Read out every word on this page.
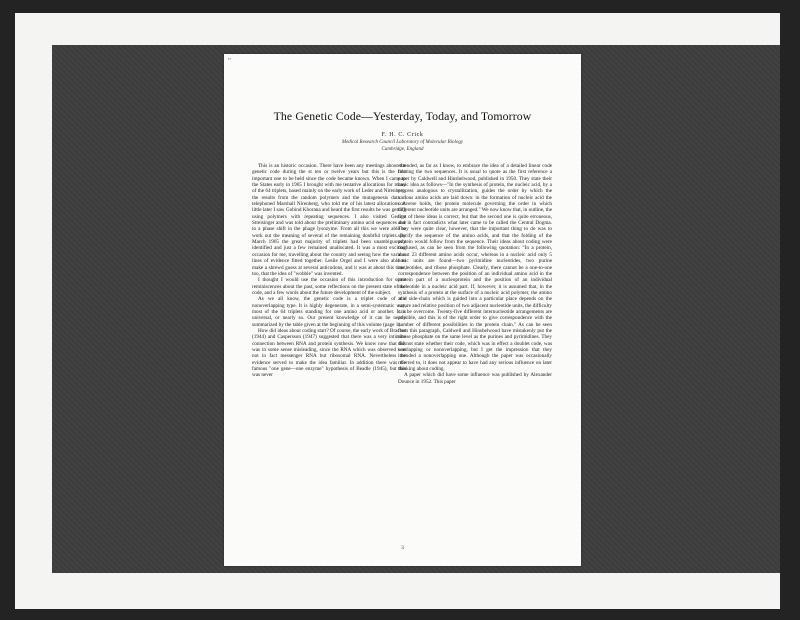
"
The Genetic Code—Yesterday, Today, and Tomorrow
F. H. C. Crick
Medical Research Council Laboratory of Molecular Biology
Cambridge, England

This is an historic occasion. There have been any meetings about the genetic code during the st ten or twelve years but this is the first important one to be held since the code became known. When I came to the States early in 1965 I brought with me tentative allocations for many of the 64 triplets, based mainly on the early work of Leder and Nirenberg, the results from the random polymers and the mutagenesis data. I telephoned Marshall Nirenberg, who told me of his latest allocations. A little later I saw Gobind Khorana and heard the first results he was getting using polymers with repeating sequences. I also visited George Streisinger and was told about the preliminary amino acid sequences due to a phase shift in the phage lysozyme. From all this we were able to work out the meaning of several of the remaining doubtful triplets. By March 1965 the great majority of triplets had been unambiguously identified and just a few remained unallocated. It was a most exciting occasion for me, travelling about the country and seeing how the various lines of evidence fitted together. Leslie Orgel and I were also able to make a shrewd guess at several anticodons, and it was at about this time, too, that the idea of "wobble" was invented.

I thought I would use the occasion of this introduction for some reminiscences about the past, some reflections on the present state of the code, and a few words about the future development of the subject.

As we all know, the genetic code is a triplet code of the nonoverlapping type. It is highly degenerate, in a semi-systematic way, most of the 64 triplets standing for one amino acid or another. It is universal, or nearly so. Our present knowledge of it can be neatly summarized by the table given at the beginning of this volume (page 1).

How did ideas about coding start? Of course, the early work of Brachet (1944) and Caspersson (1947) suggested that there was a very intimate connection between RNA and protein synthesis. We know now that this was in some sense misleading, since the RNA which was observed was not in fact messenger RNA but ribosomal RNA. Nevertheless the evidence served to make the idea familiar. In addition there was the famous "one gene—one enzyme" hypothesis of Beadle (1945), but this was never

extended, as far as I know, to embrace the idea of a detailed linear code relating the two sequences. It is usual to quote as the first reference a paper by Caldwell and Hinshelwood, published in 1950. They state their basic idea as follows—"In the synthesis of protein, the nucleic acid, by a process analogous to crystallization, guides the order by which the various amino acids are laid down: in the formation of nucleic acid the converse holds, the protein molecule governing the order in which different nucleotide units are arranged." We now know that, in outline, the first of these ideas is correct, but that the second one is quite erroneous, and in fact contradicts what later came to be called the Central Dogma. They were quite clear, however, that the important thing to do was to specify the sequence of the amino acids, and that the folding of the protein would follow from the sequence. Their ideas about coding were confused, as can be seen from the following quotation: "In a protein, about 23 different amino acids occur, whereas in a nucleic acid only 5 basic units are found—two pyrimidine nucleotides, two purine nucleotides, and ribose phosphate. Clearly, there cannot be a one-to-one correspondence between the position of an individual amino acid in the protein part of a nucleoprotein and the position of an individual nucleotide in a nucleic acid part. If, however, it is assumed that, in the synthesis of a protein at the surface of a nucleic acid polymer, the amino acid side-chain which is guided into a particular place depends on the nature and relative position of two adjacent nucleotide units, the difficulty can be overcome. Twenty-five different internucleotide arrangements are possible, and this is of the right order to give correspondence with the number of different possibilities in the protein chain." As can be seen from this paragraph, Caldwell and Hinshelwood have mistakenly put the ribose phosphate on the same level as the purines and pyrimidines. They did not state whether their code, which was in effect a doublet code, was overlapping or nonoverlapping, but I get the impression that they intended a nonoverlapping one. Although the paper was occasionally referred to, it does not appear to have had any serious influence on later thinking about coding.

A paper which did have some influence was published by Alexander Dounce in 1952. This paper

3
